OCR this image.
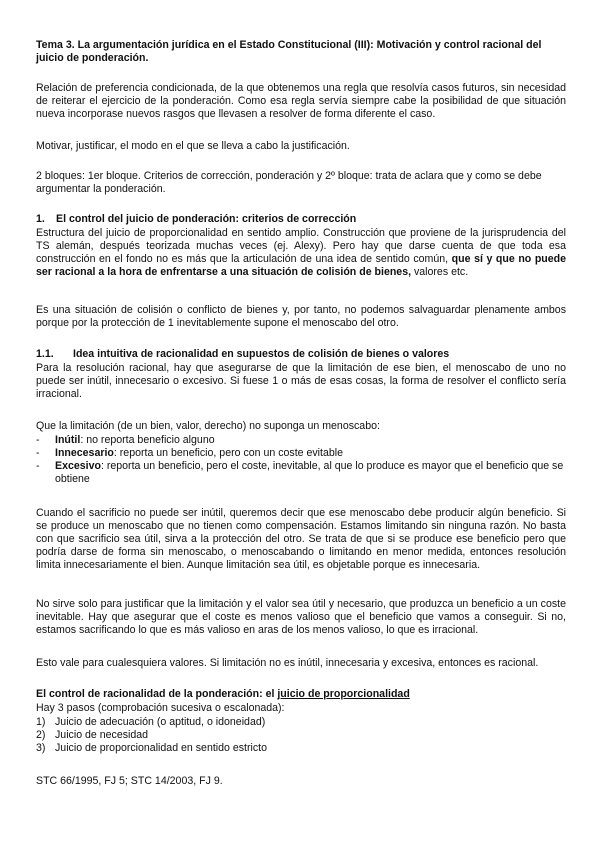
Tema 3. La argumentación jurídica en el Estado Constitucional (III): Motivación y control racional del juicio de ponderación.

Relación de preferencia condicionada, de la que obtenemos una regla que resolvía casos futuros, sin necesidad de reiterar el ejercicio de la ponderación. Como esa regla servía siempre cabe la posibilidad de que situación nueva incorporase nuevos rasgos que llevasen a resolver de forma diferente el caso.

Motivar, justificar, el modo en el que se lleva a cabo la justificación.

2 bloques: 1er bloque. Criterios de corrección, ponderación y 2º bloque: trata de aclara que y como se debe argumentar la ponderación.

1. El control del juicio de ponderación: criterios de corrección

Estructura del juicio de proporcionalidad en sentido amplio. Construcción que proviene de la jurisprudencia del TS alemán, después teorizada muchas veces (ej. Alexy). Pero hay que darse cuenta de que toda esa construcción en el fondo no es más que la articulación de una idea de sentido común, que sí y que no puede ser racional a la hora de enfrentarse a una situación de colisión de bienes, valores etc.

Es una situación de colisión o conflicto de bienes y, por tanto, no podemos salvaguardar plenamente ambos porque por la protección de 1 inevitablemente supone el menoscabo del otro.

1.1. Idea intuitiva de racionalidad en supuestos de colisión de bienes o valores

Para la resolución racional, hay que asegurarse de que la limitación de ese bien, el menoscabo de uno no puede ser inútil, innecesario o excesivo. Si fuese 1 o más de esas cosas, la forma de resolver el conflicto sería irracional.

Que la limitación (de un bien, valor, derecho) no suponga un menoscabo:

- Inútil: no reporta beneficio alguno
- Innecesario: reporta un beneficio, pero con un coste evitable
- Excesivo: reporta un beneficio, pero el coste, inevitable, al que lo produce es mayor que el beneficio que se obtiene

Cuando el sacrificio no puede ser inútil, queremos decir que ese menoscabo debe producir algún beneficio. Si se produce un menoscabo que no tienen como compensación. Estamos limitando sin ninguna razón. No basta con que sacrificio sea útil, sirva a la protección del otro. Se trata de que si se produce ese beneficio pero que podría darse de forma sin menoscabo, o menoscabando o limitando en menor medida, entonces resolución limita innecesariamente el bien. Aunque limitación sea útil, es objetable porque es innecesaria.

No sirve solo para justificar que la limitación y el valor sea útil y necesario, que produzca un beneficio a un coste inevitable. Hay que asegurar que el coste es menos valioso que el beneficio que vamos a conseguir. Si no, estamos sacrificando lo que es más valioso en aras de los menos valioso, lo que es irracional.

Esto vale para cualesquiera valores. Si limitación no es inútil, innecesaria y excesiva, entonces es racional.

El control de racionalidad de la ponderación: el juicio de proporcionalidad

Hay 3 pasos (comprobación sucesiva o escalonada):

1) Juicio de adecuación (o aptitud, o idoneidad)
2) Juicio de necesidad
3) Juicio de proporcionalidad en sentido estricto

STC 66/1995, FJ 5; STC 14/2003, FJ 9.
